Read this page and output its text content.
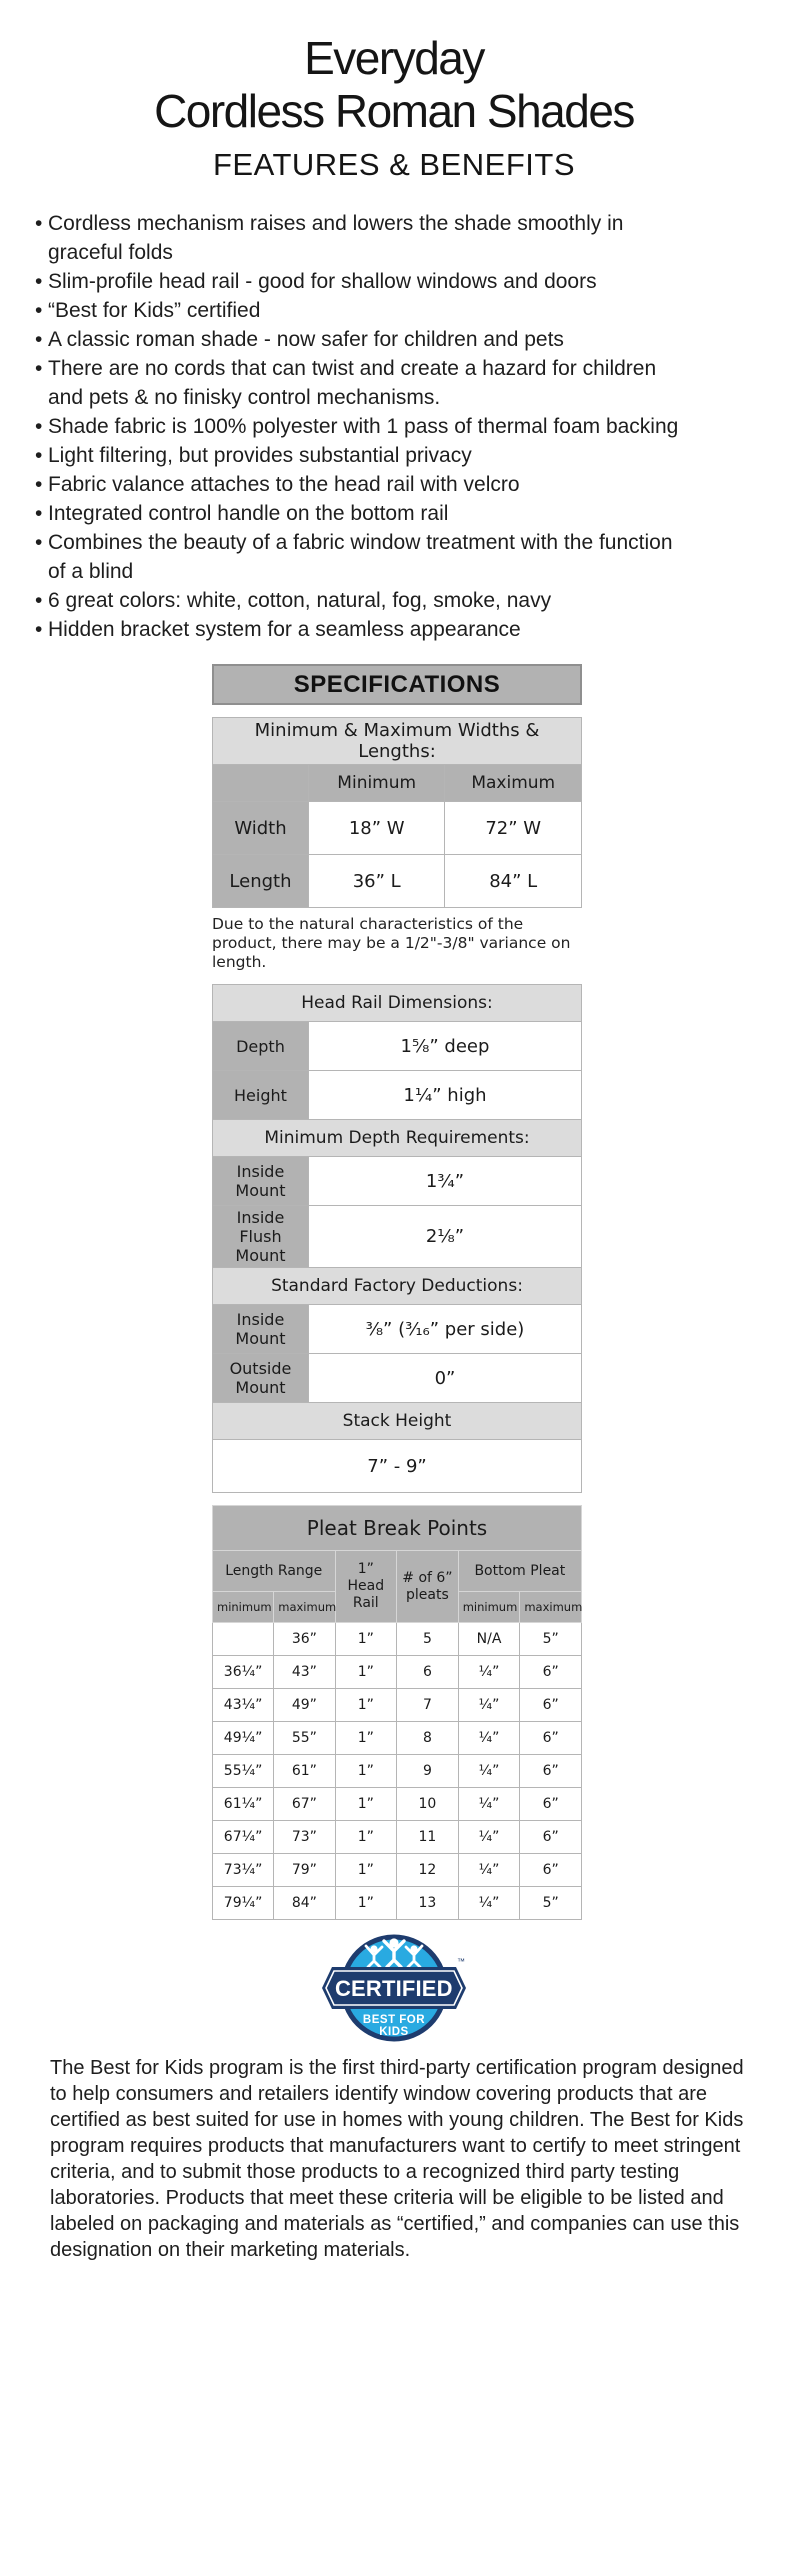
Everyday
Cordless Roman Shades
FEATURES & BENEFITS
• Cordless mechanism raises and lowers the shade smoothly in graceful folds
• Slim-profile head rail - good for shallow windows and doors
• “Best for Kids” certified
• A classic roman shade - now safer for children and pets
• There are no cords that can twist and create a hazard for children and pets & no finisky control mechanisms.
• Shade fabric is 100% polyester with 1 pass of thermal foam backing
• Light filtering, but provides substantial privacy
• Fabric valance attaches to the head rail with velcro
• Integrated control handle on the bottom rail
• Combines the beauty of a fabric window treatment with the function of a blind
• 6 great colors: white, cotton, natural, fog, smoke, navy
• Hidden bracket system for a seamless appearance
SPECIFICATIONS
Minimum & Maximum Widths & Lengths:		
	Minimum	Maximum
Width	18” W	72” W
Length	36” L	84” L
Due to the natural characteristics of the product, there may be a 1/2"-3/8" variance on length.
Head Rail Dimensions:	
Depth	1⁵⁄₈” deep
Height	1¹⁄₄” high
Minimum Depth Requirements:	
Inside Mount	1³⁄₄”
Inside Flush Mount	2¹⁄₈”
Standard Factory Deductions:	
Inside Mount	³⁄₈” (³⁄₁₆” per side)
Outside Mount	0”
Stack Height	
7” - 9”	
Pleat Break Points					
Length Range		1” Head Rail	# of 6” pleats	Bottom Pleat	
minimum	maximum			minimum	maximum
	36”	1”	5	N/A	5”
36¹⁄₄”	43”	1”	6	¹⁄₄”	6”
43¹⁄₄”	49”	1”	7	¹⁄₄”	6”
49¹⁄₄”	55”	1”	8	¹⁄₄”	6”
55¹⁄₄”	61”	1”	9	¹⁄₄”	6”
61¹⁄₄”	67”	1”	10	¹⁄₄”	6”
67¹⁄₄”	73”	1”	11	¹⁄₄”	6”
73¹⁄₄”	79”	1”	12	¹⁄₄”	6”
79¹⁄₄”	84”	1”	13	¹⁄₄”	5”
CERTIFIED
™
BEST FOR
KIDS

The Best for Kids program is the first third-party certification program designed to help consumers and retailers identify window covering products that are certified as best suited for use in homes with young children. The Best for Kids program requires products that manufacturers want to certify to meet stringent criteria, and to submit those products to a recognized third party testing laboratories. Products that meet these criteria will be eligible to be listed and labeled on packaging and materials as “certified,” and companies can use this designation on their marketing materials.
